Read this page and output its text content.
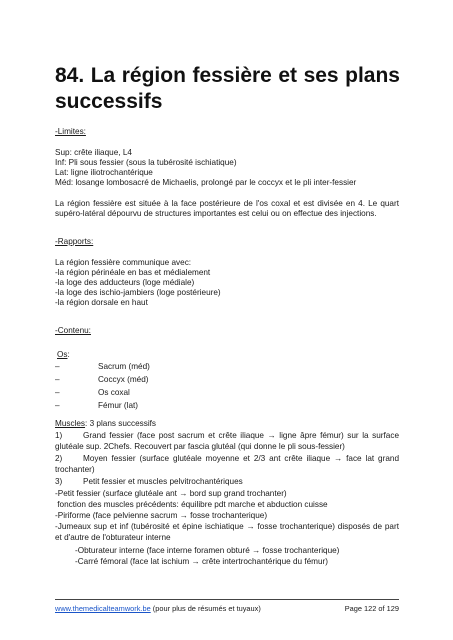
84. La région fessière et ses plans
successifs
-Limites:
Sup: crête iliaque, L4
Inf: Pli sous fessier (sous la tubérosité ischiatique)
Lat: ligne iliotrochantérique
Méd: losange lombosacré de Michaelis, prolongé par le coccyx et le pli inter-fessier
La région fessière est située à la face postérieure de l'os coxal et est divisée en 4. Le quart
supéro-latéral dépourvu de structures importantes est celui ou on effectue des injections.
-Rapports:
La région fessière communique avec:
-la région périnéale en bas et médialement
-la loge des adducteurs (loge médiale)
-la loge des ischio-jambiers (loge postérieure)
-la région dorsale en haut
-Contenu:
Os:
–	Sacrum (méd)
–	Coccyx (méd)
–	Os coxal
–	Fémur (lat)
Muscles: 3 plans successifs
1)	Grand fessier (face post sacrum et crête iliaque → ligne âpre fémur) sur la surface
glutéale sup. 2Chefs. Recouvert par fascia glutéal (qui donne le pli sous-fessier)
2)	Moyen fessier (surface glutéale moyenne et 2/3 ant crête iliaque → face lat grand
trochanter)
3)	Petit fessier et muscles pelvitrochantériques
-Petit fessier (surface glutéale ant → bord sup grand trochanter)
fonction des muscles précédents: équilibre pdt marche et abduction cuisse
-Piriforme (face pelvienne sacrum → fosse trochanterique)
-Jumeaux sup et inf (tubérosité et épine ischiatique → fosse trochanterique) disposés de part
et d'autre de l'obturateur interne
-Obturateur interne (face interne foramen obturé → fosse trochanterique)
-Carré fémoral (face lat ischium → crête intertrochantérique du fémur)
www.themedicalteamwork.be (pour plus de résumés et tuyaux)	Page 122 of 129
